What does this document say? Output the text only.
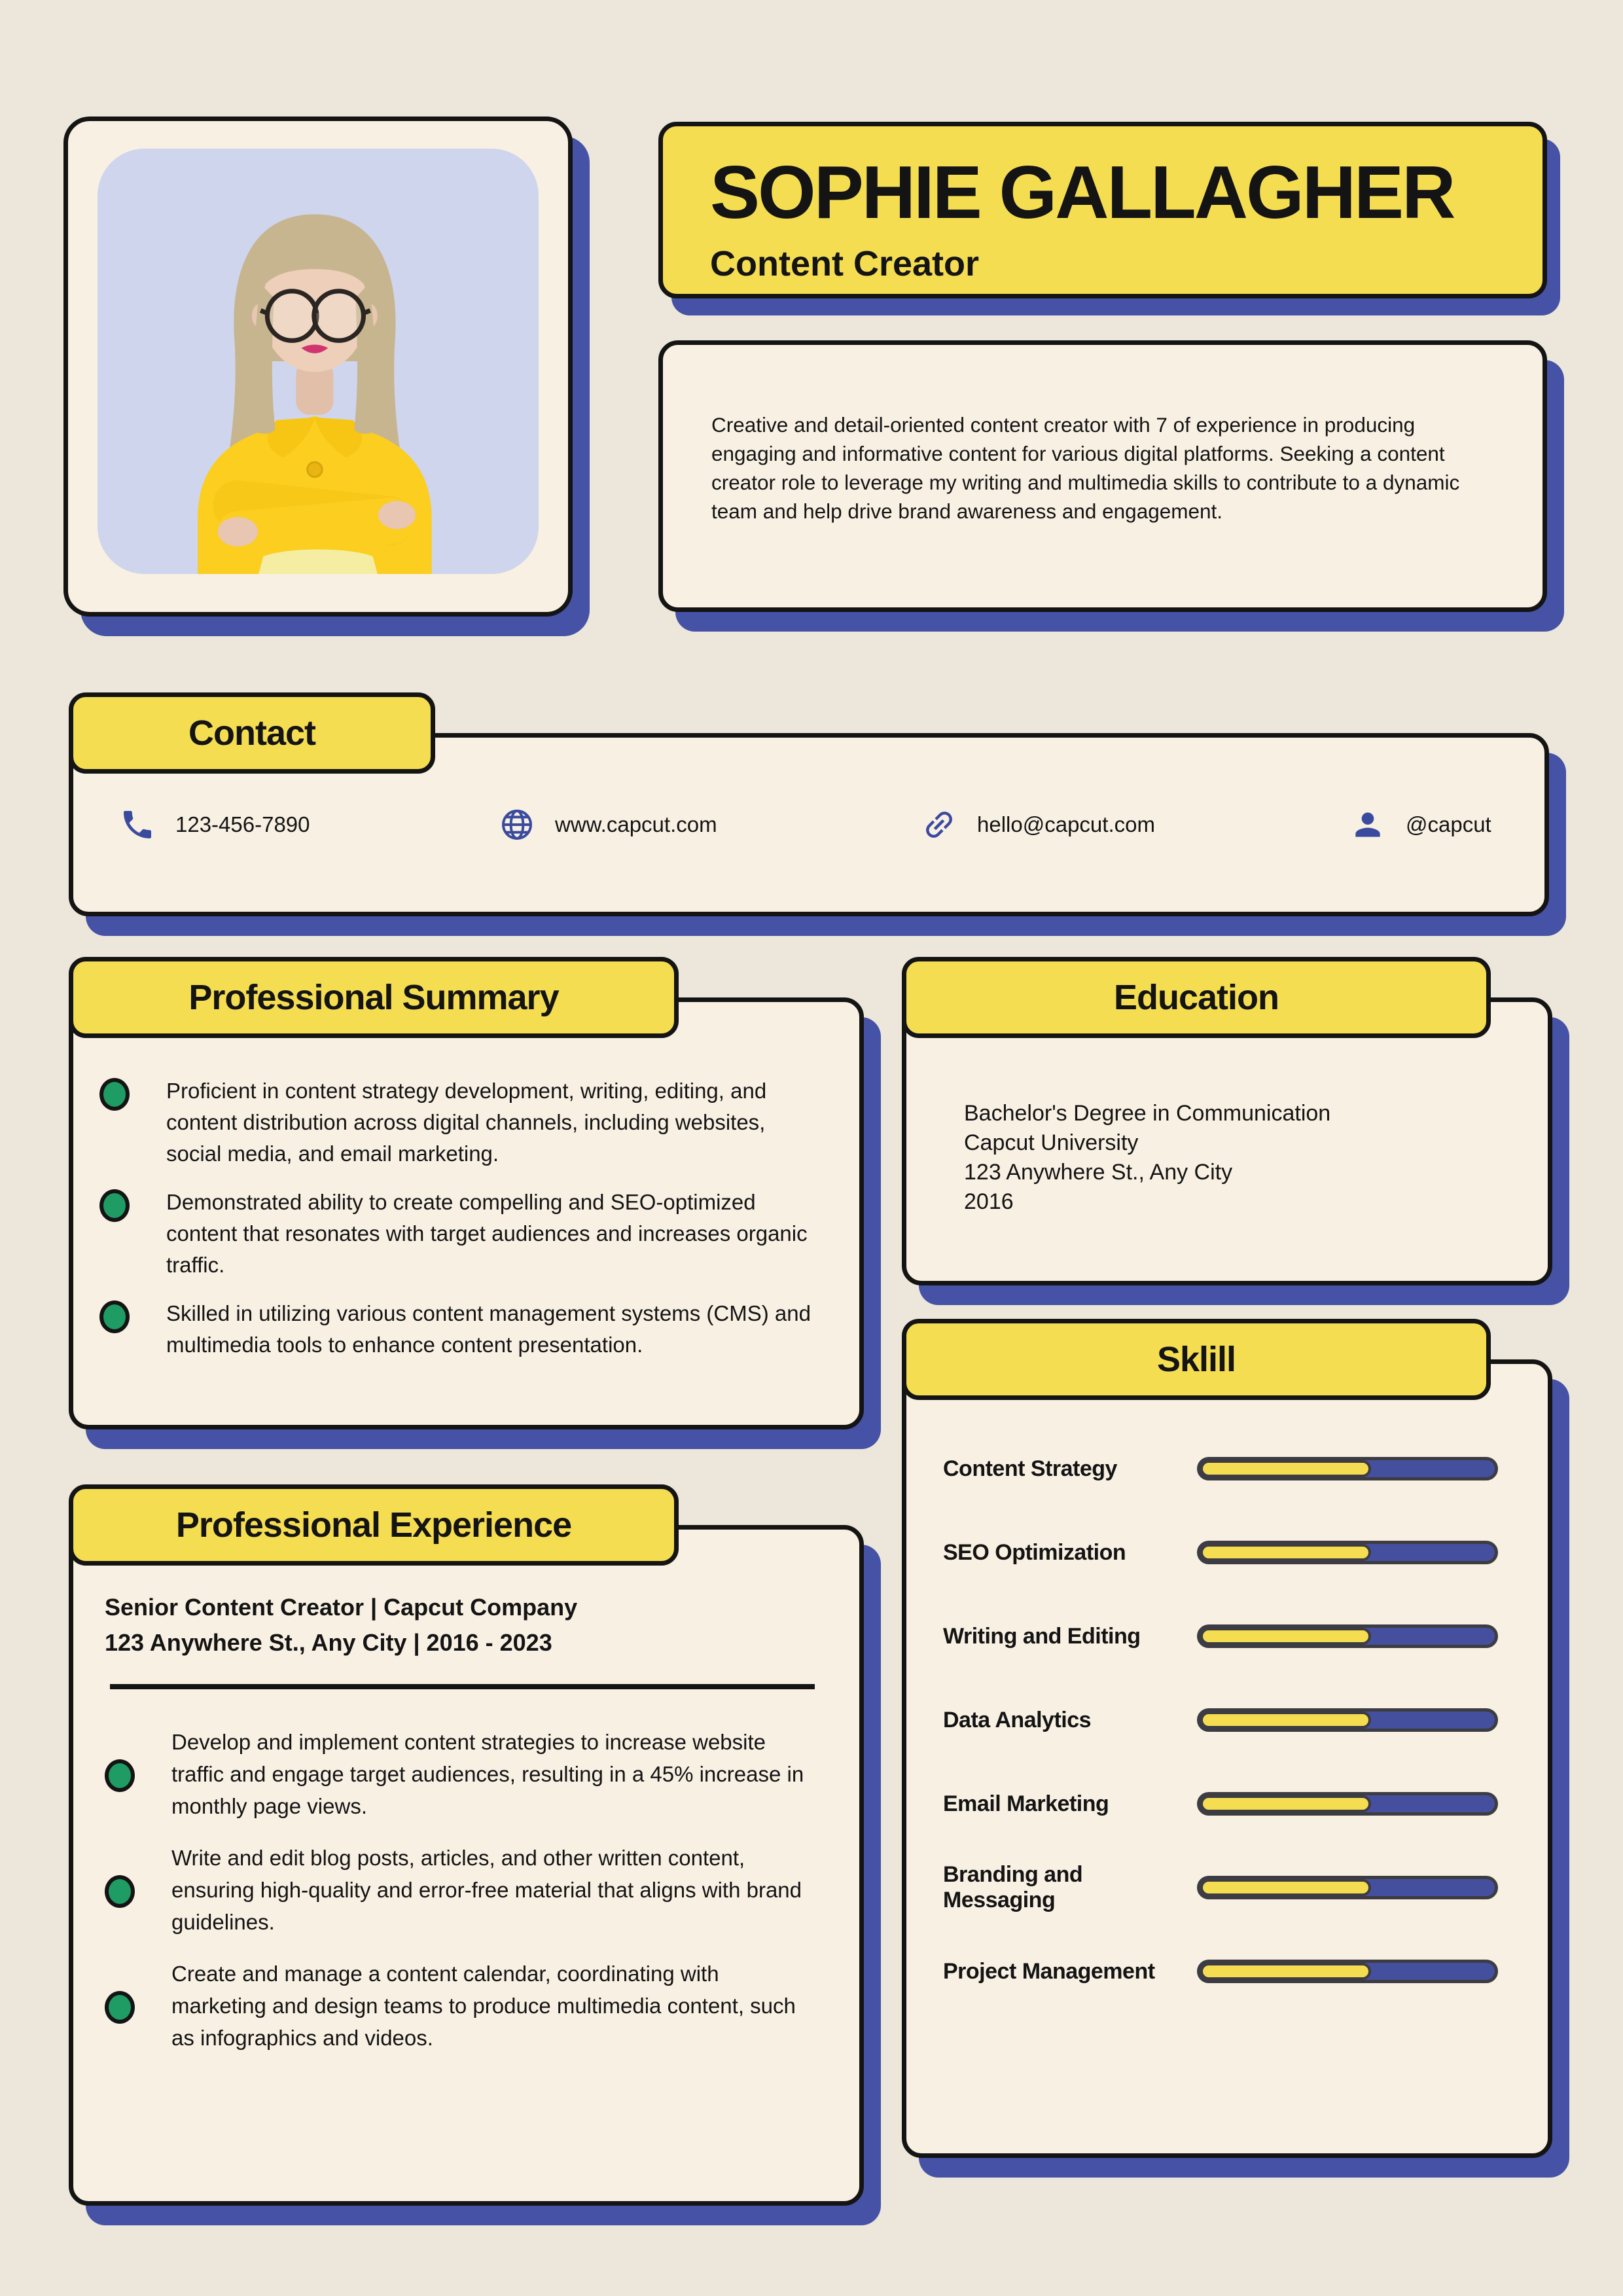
SOPHIE GALLAGHER
Content Creator

Creative and detail-oriented content creator with 7 of experience in producing engaging and informative content for various digital platforms. Seeking a content creator role to leverage my writing and multimedia skills to contribute to a dynamic team and help drive brand awareness and engagement.

Contact
123-456-7890	www.capcut.com	hello@capcut.com	@capcut
Professional Summary

Proficient in content strategy development, writing, editing, and content distribution across digital channels, including websites, social media, and email marketing.

Demonstrated ability to create compelling and SEO-optimized content that resonates with target audiences and increases organic traffic.

Skilled in utilizing various content management systems (CMS) and multimedia tools to enhance content presentation.

Education
Bachelor's Degree in Communication
Capcut University
123 Anywhere St., Any City
2016
Professional Experience
Senior Content Creator | Capcut Company
123 Anywhere St., Any City | 2016 - 2023

Develop and implement content strategies to increase website traffic and engage target audiences, resulting in a 45% increase in monthly page views.

Write and edit blog posts, articles, and other written content, ensuring high-quality and error-free material that aligns with brand guidelines.

Create and manage a content calendar, coordinating with marketing and design teams to produce multimedia content, such as infographics and videos.

Sklill
Content Strategy
SEO Optimization
Writing and Editing
Data Analytics
Email Marketing
Branding and Messaging
Project Management
